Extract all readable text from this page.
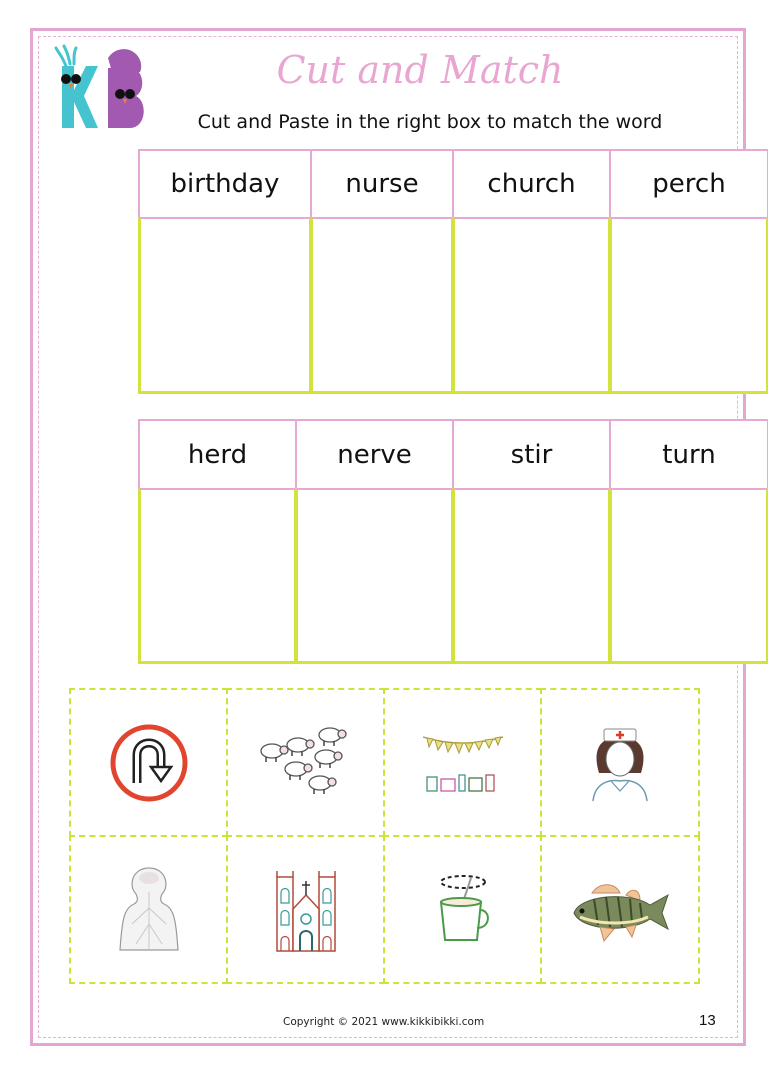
Cut and Match
Cut and Paste in the right box to match the word
birthday	nurse	church	perch
herd	nerve	stir	turn
Copyright © 2021 www.kikkibikki.com	13
